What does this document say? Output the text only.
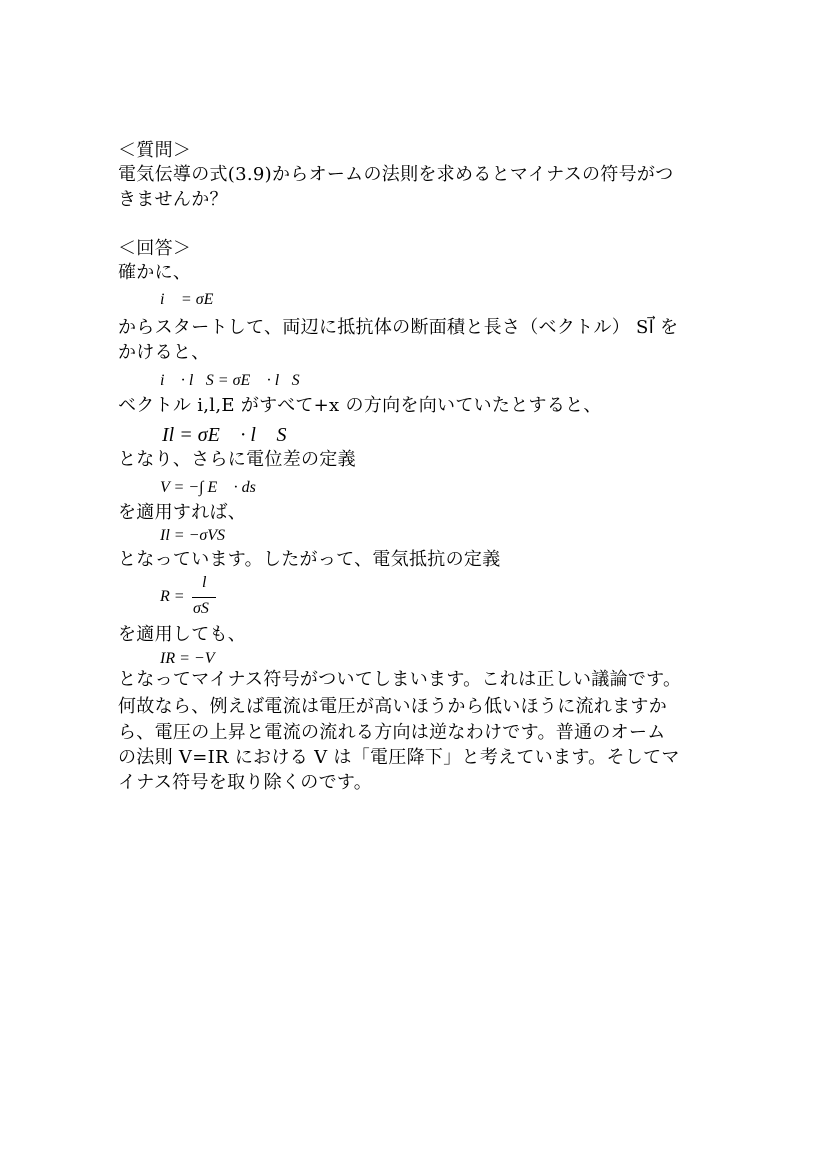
＜質問＞
電気伝導の式(3.9)からオームの法則を求めるとマイナスの符号がつ
きませんか？
＜回答＞
確かに、
i⃗ = σE⃗
からスタートして、両辺に抵抗体の断面積と長さ（ベクトル） Sl⃗ を
かけると、
i⃗ · l⃗S = σE⃗ · l⃗S
ベクトル i,l,E がすべて+x の方向を向いていたとすると、
Il = σE⃗ · l⃗ S
となり、さらに電位差の定義
V = −∫ E⃗ · ds⃗
を適用すれば、
Il = −σVS
となっています。したがって、電気抵抗の定義
R =
l
σS
を適用しても、
IR = −V
となってマイナス符号がついてしまいます。これは正しい議論です。
何故なら、例えば電流は電圧が高いほうから低いほうに流れますか
ら、電圧の上昇と電流の流れる方向は逆なわけです。普通のオーム
の法則 V=IR における V は「電圧降下」と考えています。そしてマ
イナス符号を取り除くのです。
